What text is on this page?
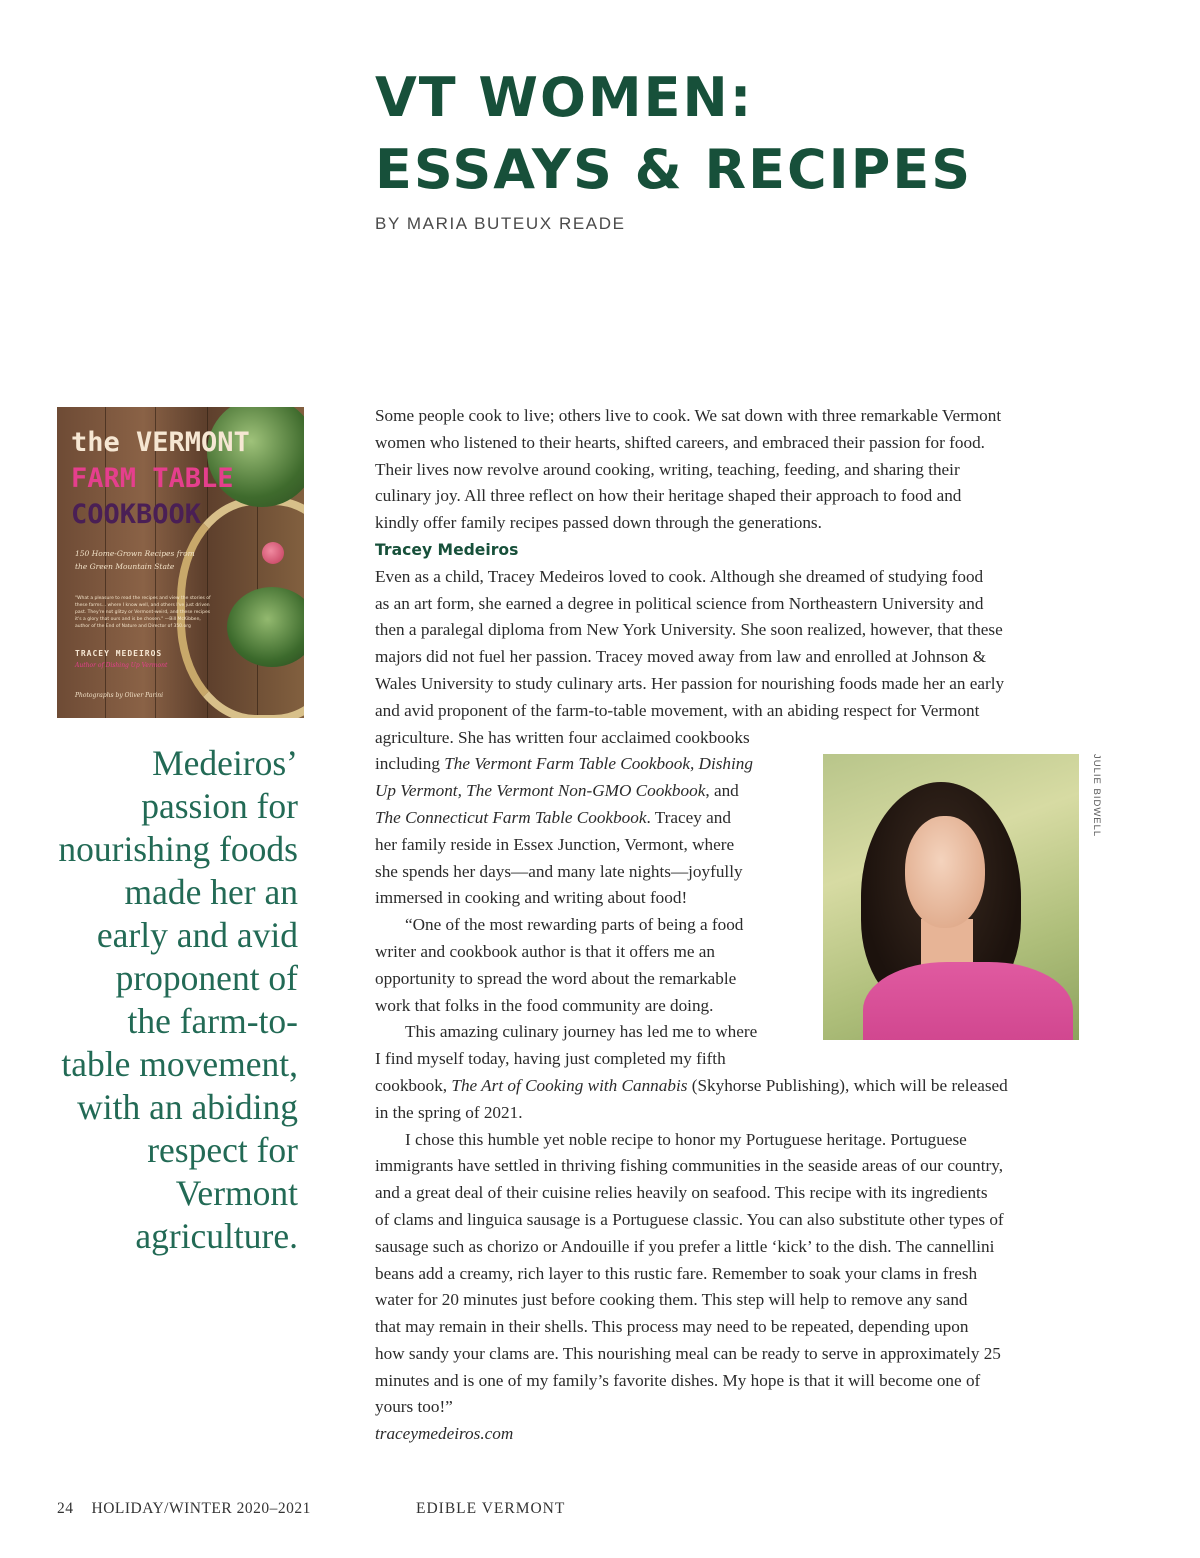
VT WOMEN:
ESSAYS & RECIPES

BY MARIA BUTEUX READE

the VERMONT
FARM TABLE
COOKBOOK
150 Home-Grown Recipes from
the Green Mountain State
"What a pleasure to read the recipes and view the stories of these farms... where I know well, and others I've just driven past. They're not glitzy or Vermont-weird, and these recipes it's a glory that ours and is be chosen." —Bill McKibben, author of the End of Nature and Director of 350.org
TRACEY MEDEIROS
Author of Dishing Up Vermont
Photographs by Oliver Parini
Medeiros’
passion for
nourishing foods
made her an
early and avid
proponent of
the farm-to-
table movement,
with an abiding
respect for
Vermont
agriculture.
Some people cook to live; others live to cook. We sat down with three remarkable Vermont
women who listened to their hearts, shifted careers, and embraced their passion for food.
Their lives now revolve around cooking, writing, teaching, feeding, and sharing their
culinary joy. All three reflect on how their heritage shaped their approach to food and
kindly offer family recipes passed down through the generations.
Tracey Medeiros
Even as a child, Tracey Medeiros loved to cook. Although she dreamed of studying food
as an art form, she earned a degree in political science from Northeastern University and
then a paralegal diploma from New York University. She soon realized, however, that these
majors did not fuel her passion. Tracey moved away from law and enrolled at Johnson &
Wales University to study culinary arts. Her passion for nourishing foods made her an early
and avid proponent of the farm-to-table movement, with an abiding respect for Vermont
agriculture. She has written four acclaimed cookbooks
including The Vermont Farm Table Cookbook, Dishing
Up Vermont, The Vermont Non-GMO Cookbook, and
The Connecticut Farm Table Cookbook. Tracey and
her family reside in Essex Junction, Vermont, where
she spends her days—and many late nights—joyfully
immersed in cooking and writing about food!
“One of the most rewarding parts of being a food
writer and cookbook author is that it offers me an
opportunity to spread the word about the remarkable
work that folks in the food community are doing.
This amazing culinary journey has led me to where
I find myself today, having just completed my fifth
cookbook, The Art of Cooking with Cannabis (Skyhorse Publishing), which will be released
in the spring of 2021.
I chose this humble yet noble recipe to honor my Portuguese heritage. Portuguese
immigrants have settled in thriving fishing communities in the seaside areas of our country,
and a great deal of their cuisine relies heavily on seafood. This recipe with its ingredients
of clams and linguica sausage is a Portuguese classic. You can also substitute other types of
sausage such as chorizo or Andouille if you prefer a little ‘kick’ to the dish. The cannellini
beans add a creamy, rich layer to this rustic fare. Remember to soak your clams in fresh
water for 20 minutes just before cooking them. This step will help to remove any sand
that may remain in their shells. This process may need to be repeated, depending upon
how sandy your clams are. This nourishing meal can be ready to serve in approximately 25
minutes and is one of my family’s favorite dishes. My hope is that it will become one of
yours too!”
traceymedeiros.com
JULIE BIDWELL
24 HOLIDAY/WINTER 2020–2021	EDIBLE VERMONT
